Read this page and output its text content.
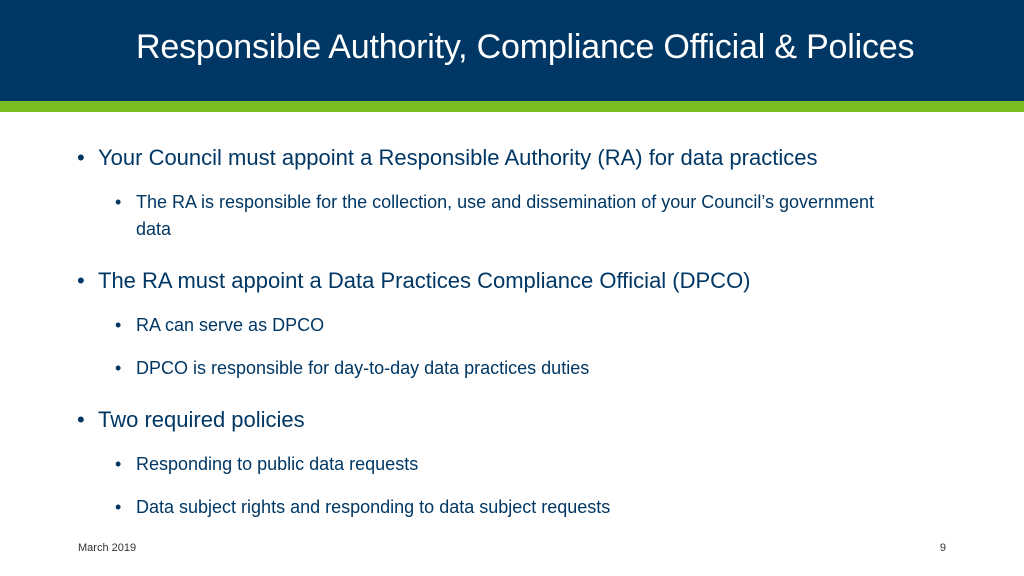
Responsible Authority, Compliance Official & Polices

• Your Council must appoint a Responsible Authority (RA) for data practices

• The RA is responsible for the collection, use and dissemination of your Council’s government data

• The RA must appoint a Data Practices Compliance Official (DPCO)

• RA can serve as DPCO

• DPCO is responsible for day-to-day data practices duties

• Two required policies

• Responding to public data requests

• Data subject rights and responding to data subject requests

March 2019	9
